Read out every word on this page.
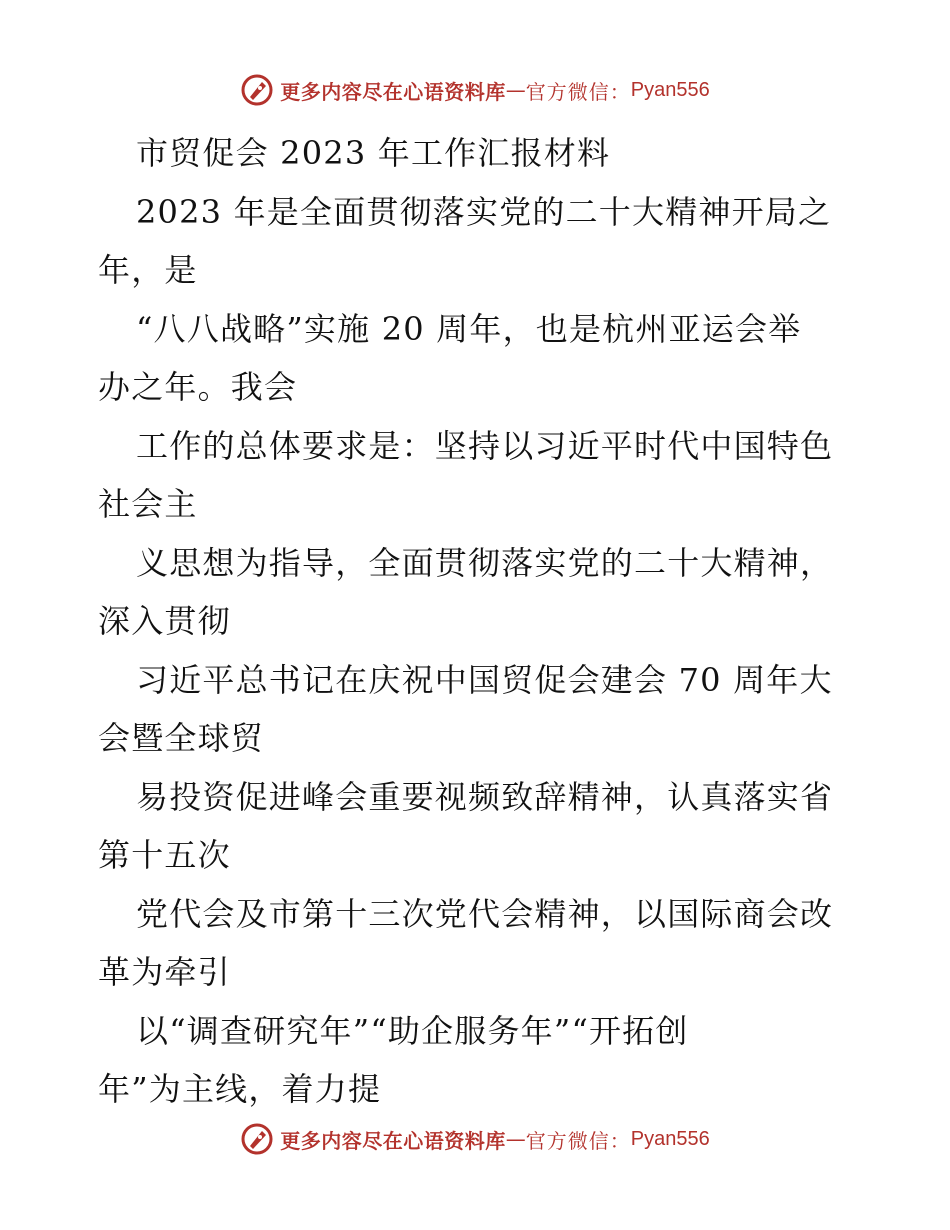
更多内容尽在心语资料库 — 官方微信： Pyan556
市贸促会 2023 年工作汇报材料
2023 年是全面贯彻落实党的二十大精神开局之
年，是
“八八战略”实施 20 周年，也是杭州亚运会举
办之年。我会
工作的总体要求是：坚持以习近平时代中国特色
社会主
义思想为指导，全面贯彻落实党的二十大精神，
深入贯彻
习近平总书记在庆祝中国贸促会建会 70 周年大
会暨全球贸
易投资促进峰会重要视频致辞精神，认真落实省
第十五次
党代会及市第十三次党代会精神，以国际商会改
革为牵引
以“调查研究年”“助企服务年”“开拓创
年”为主线，着力提
更多内容尽在心语资料库 — 官方微信： Pyan556
